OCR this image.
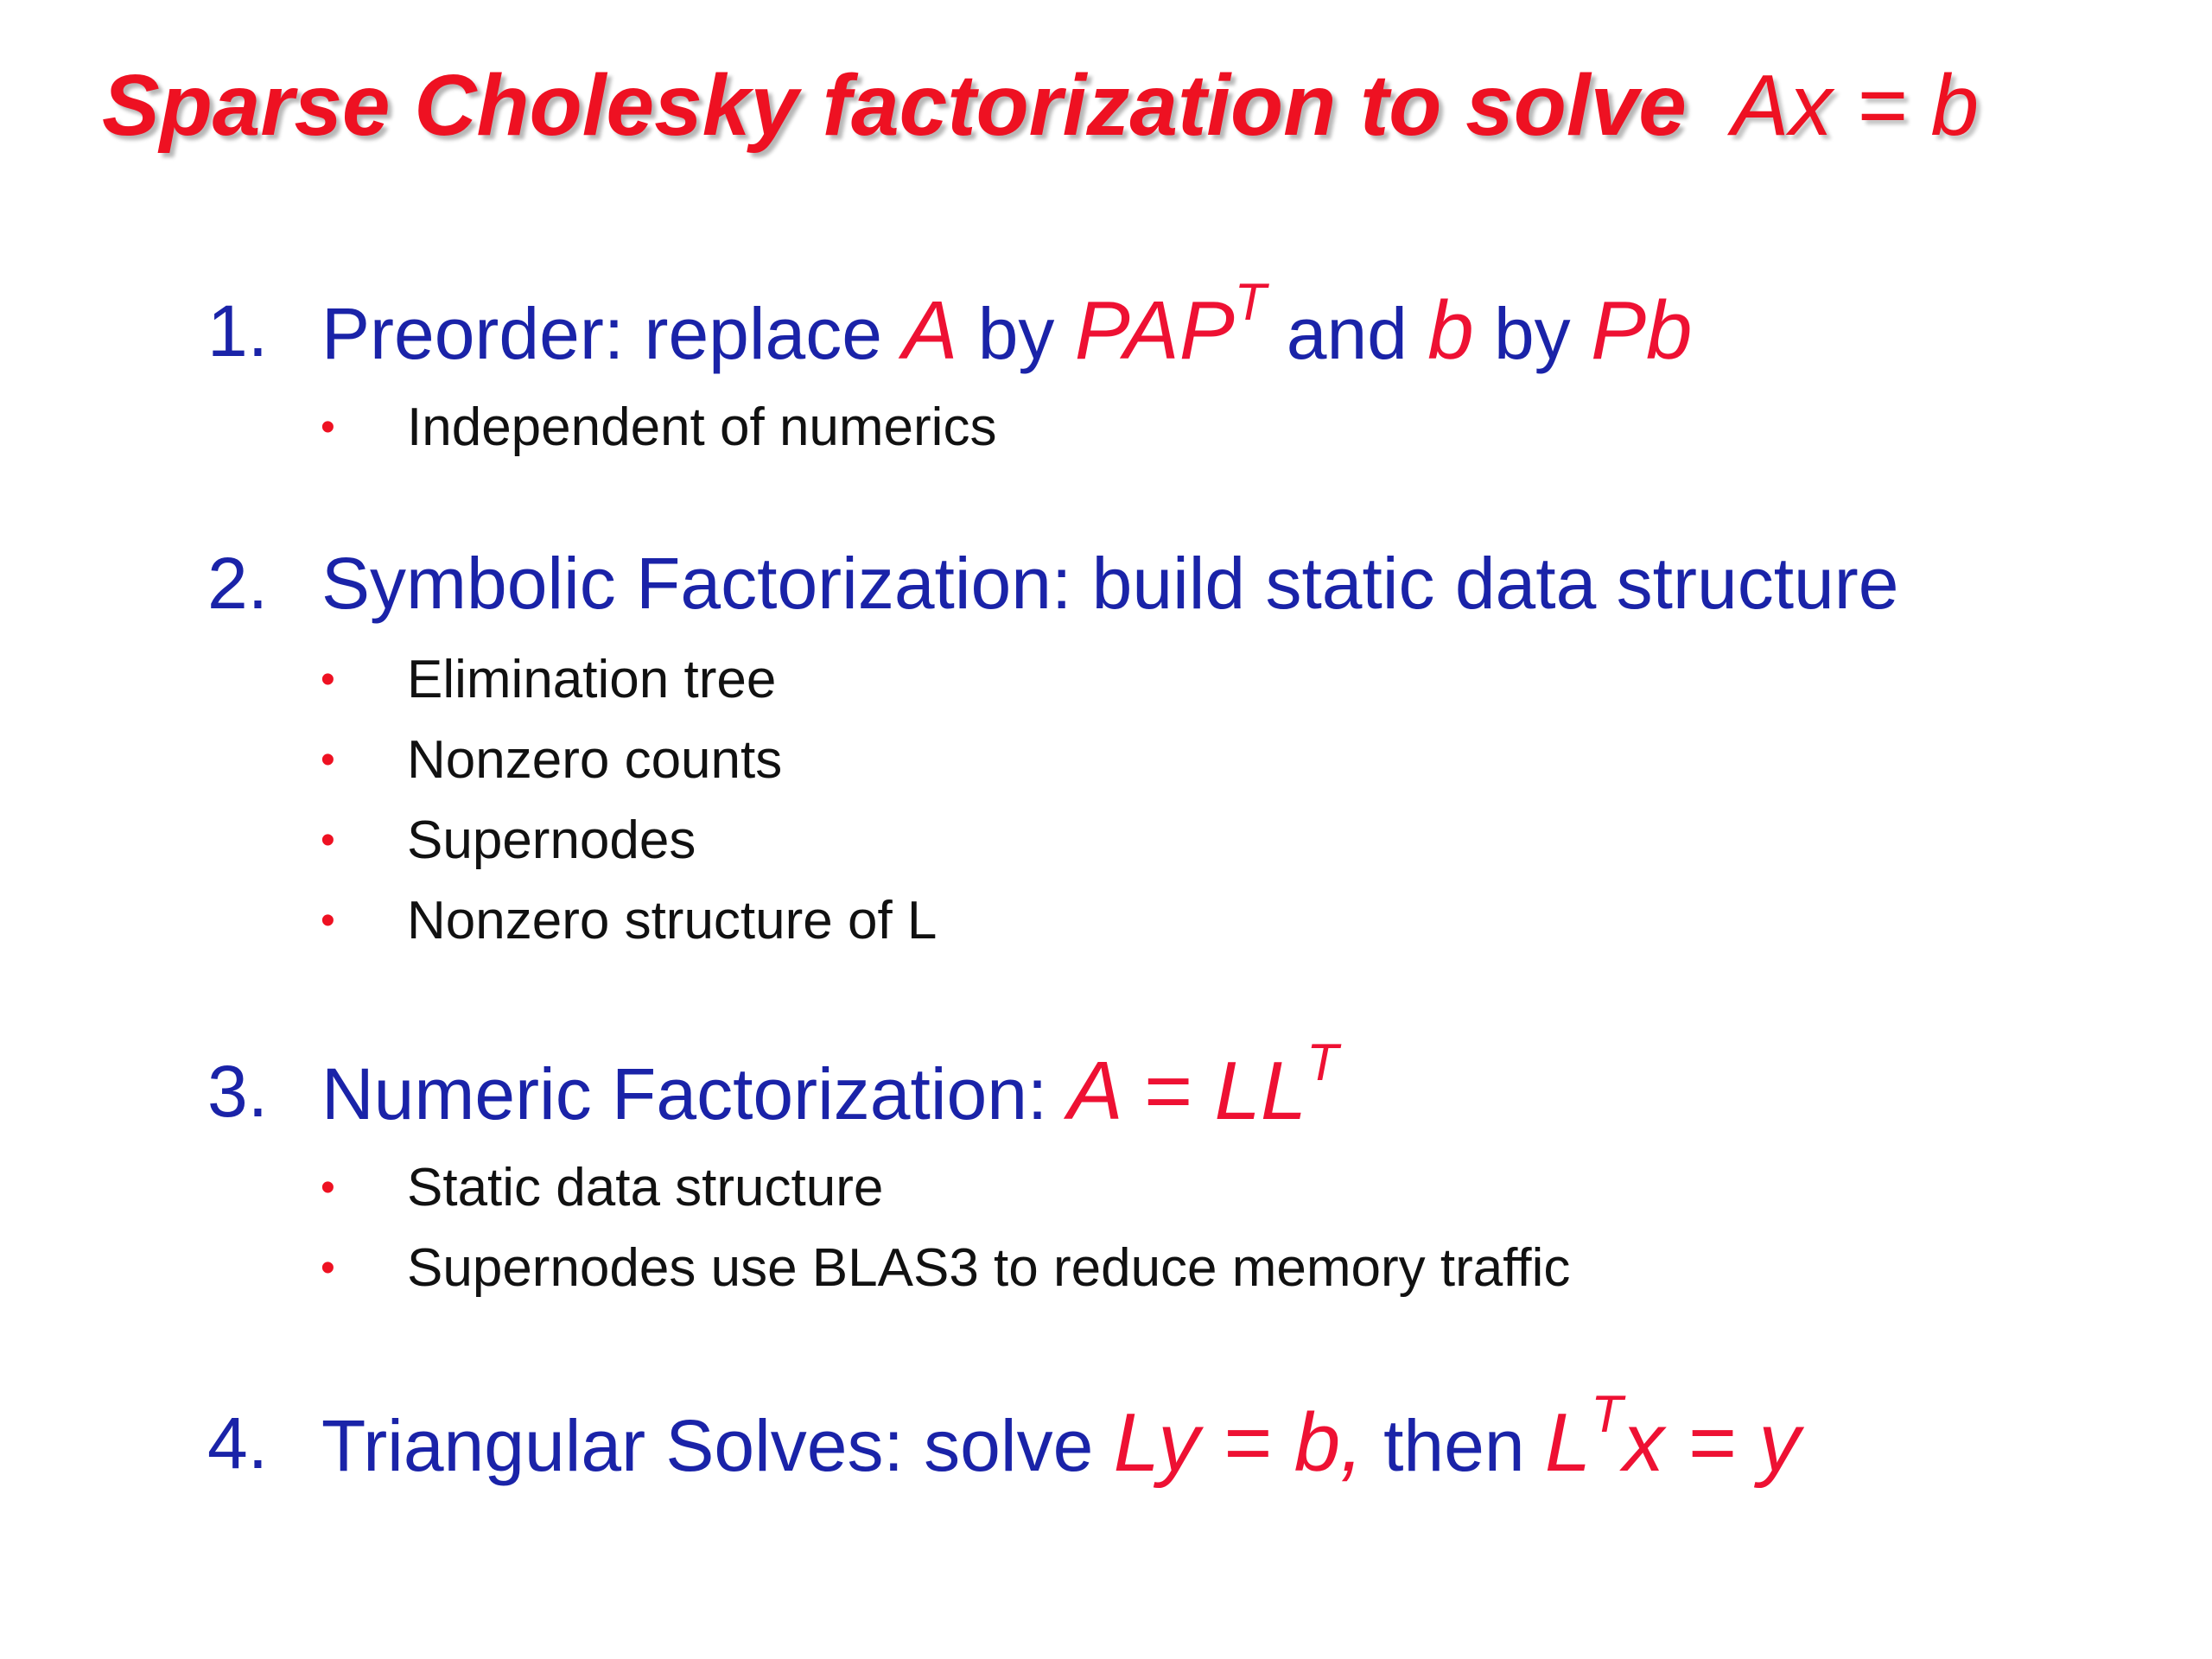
Sparse Cholesky factorization to solve Ax = b
1. Preorder: replace A by $PAP^T$ and b by Pb
• Independent of numerics
2. Symbolic Factorization: build static data structure
• Elimination tree
• Nonzero counts
• Supernodes
• Nonzero structure of L
3. Numeric Factorization: $A = LL^T$
• Static data structure
• Supernodes use BLAS3 to reduce memory traffic
4. Triangular Solves: solve Ly = b, then $L^Tx = y$
